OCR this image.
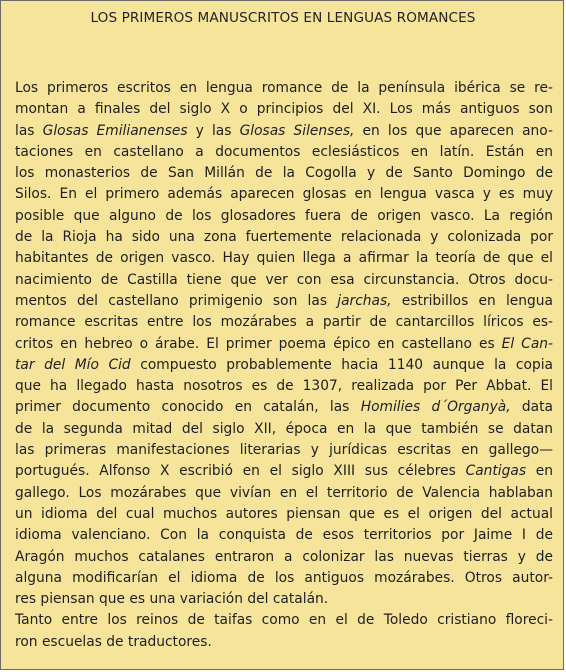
LOS PRIMEROS MANUSCRITOS EN LENGUAS ROMANCES
Los primeros escritos en lengua romance de la península ibérica se re-
montan a finales del siglo X o principios del XI. Los más antiguos son
las Glosas Emilianenses y las Glosas Silenses, en los que aparecen ano-
taciones en castellano a documentos eclesiásticos en latín. Están en
los monasterios de San Millán de la Cogolla y de Santo Domingo de
Silos. En el primero además aparecen glosas en lengua vasca y es muy
posible que alguno de los glosadores fuera de origen vasco. La región
de la Rioja ha sido una zona fuertemente relacionada y colonizada por
habitantes de origen vasco. Hay quien llega a afirmar la teoría de que el
nacimiento de Castilla tiene que ver con esa circunstancia. Otros docu-
mentos del castellano primigenio son las jarchas, estribillos en lengua
romance escritas entre los mozárabes a partir de cantarcillos líricos es-
critos en hebreo o árabe. El primer poema épico en castellano es El Can-
tar del Mío Cid compuesto probablemente hacia 1140 aunque la copia
que ha llegado hasta nosotros es de 1307, realizada por Per Abbat. El
primer documento conocido en catalán, las Homilies d´Organyà, data
de la segunda mitad del siglo XII, época en la que también se datan
las primeras manifestaciones literarias y jurídicas escritas en gallego—
portugués. Alfonso X escribió en el siglo XIII sus célebres Cantigas en
gallego. Los mozárabes que vivían en el territorio de Valencia hablaban
un idioma del cual muchos autores piensan que es el origen del actual
idioma valenciano. Con la conquista de esos territorios por Jaime I de
Aragón muchos catalanes entraron a colonizar las nuevas tierras y de
alguna modificarían el idioma de los antiguos mozárabes. Otros autor-
res piensan que es una variación del catalán.
Tanto entre los reinos de taifas como en el de Toledo cristiano floreci-
ron escuelas de traductores.
